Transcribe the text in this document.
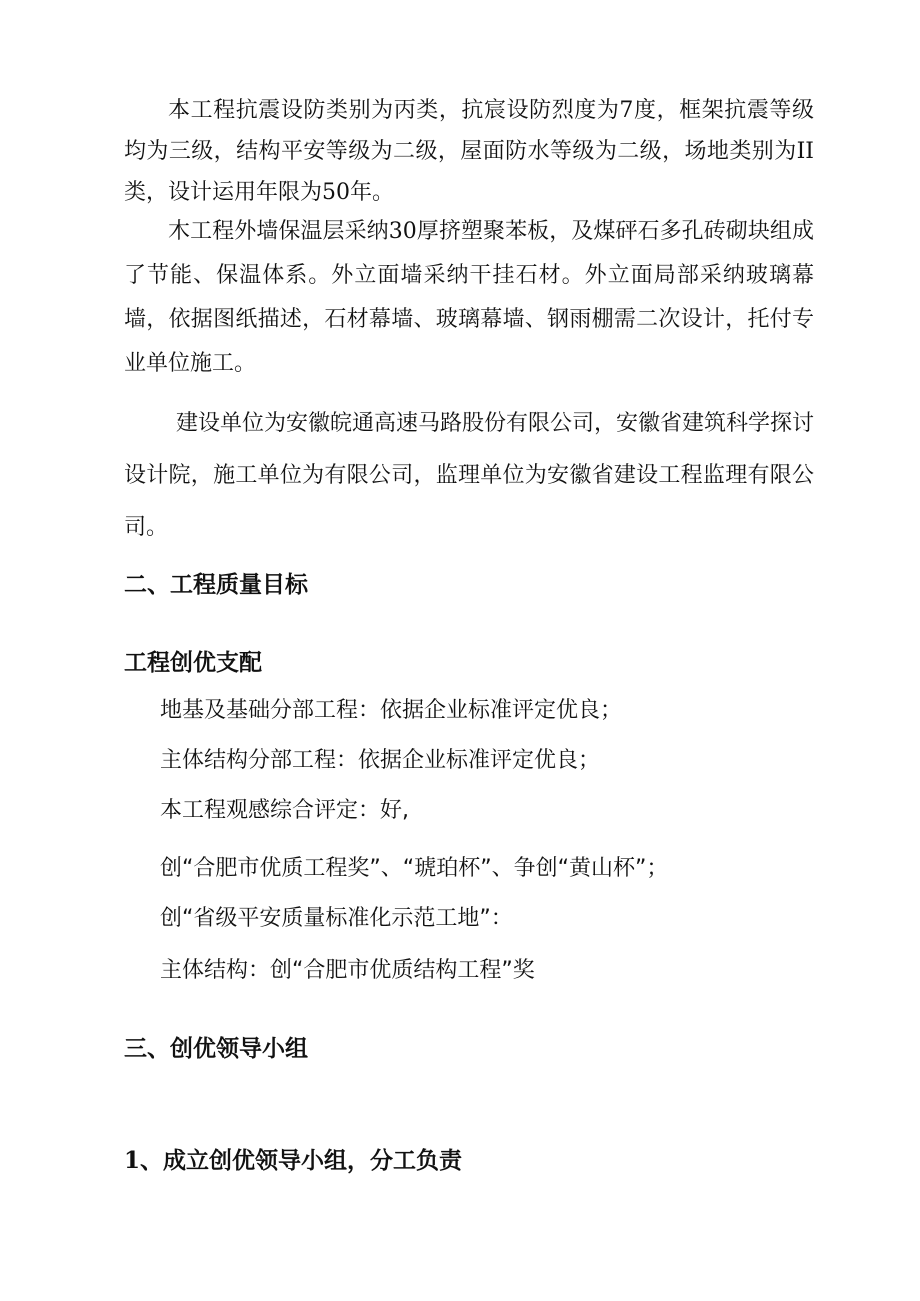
本工程抗震设防类别为丙类，抗宸设防烈度为7度，框架抗震等级均为三级，结构平安等级为二级，屋面防水等级为二级，场地类别为II类，设计运用年限为50年。

木工程外墙保温层采纳30厚挤塑聚苯板，及煤砰石多孔砖砌块组成了节能、保温体系。外立面墙采纳干挂石材。外立面局部采纳玻璃幕墙，依据图纸描述，石材幕墙、玻璃幕墙、钢雨棚需二次设计，托付专业单位施工。

建设单位为安徽皖通高速马路股份有限公司，安徽省建筑科学探讨设计院，施工单位为有限公司，监理单位为安徽省建设工程监理有限公司。

二、工程质量目标
工程创优支配

地基及基础分部工程：依据企业标准评定优良；

主体结构分部工程：依据企业标准评定优良；

本工程观感综合评定：好,

创“合肥市优质工程奖”、“琥珀杯”、争创“黄山杯”；

创“省级平安质量标准化示范工地”：

主体结构：创“合肥市优质结构工程”奖

三、创优领导小组
1、成立创优领导小组，分工负责
